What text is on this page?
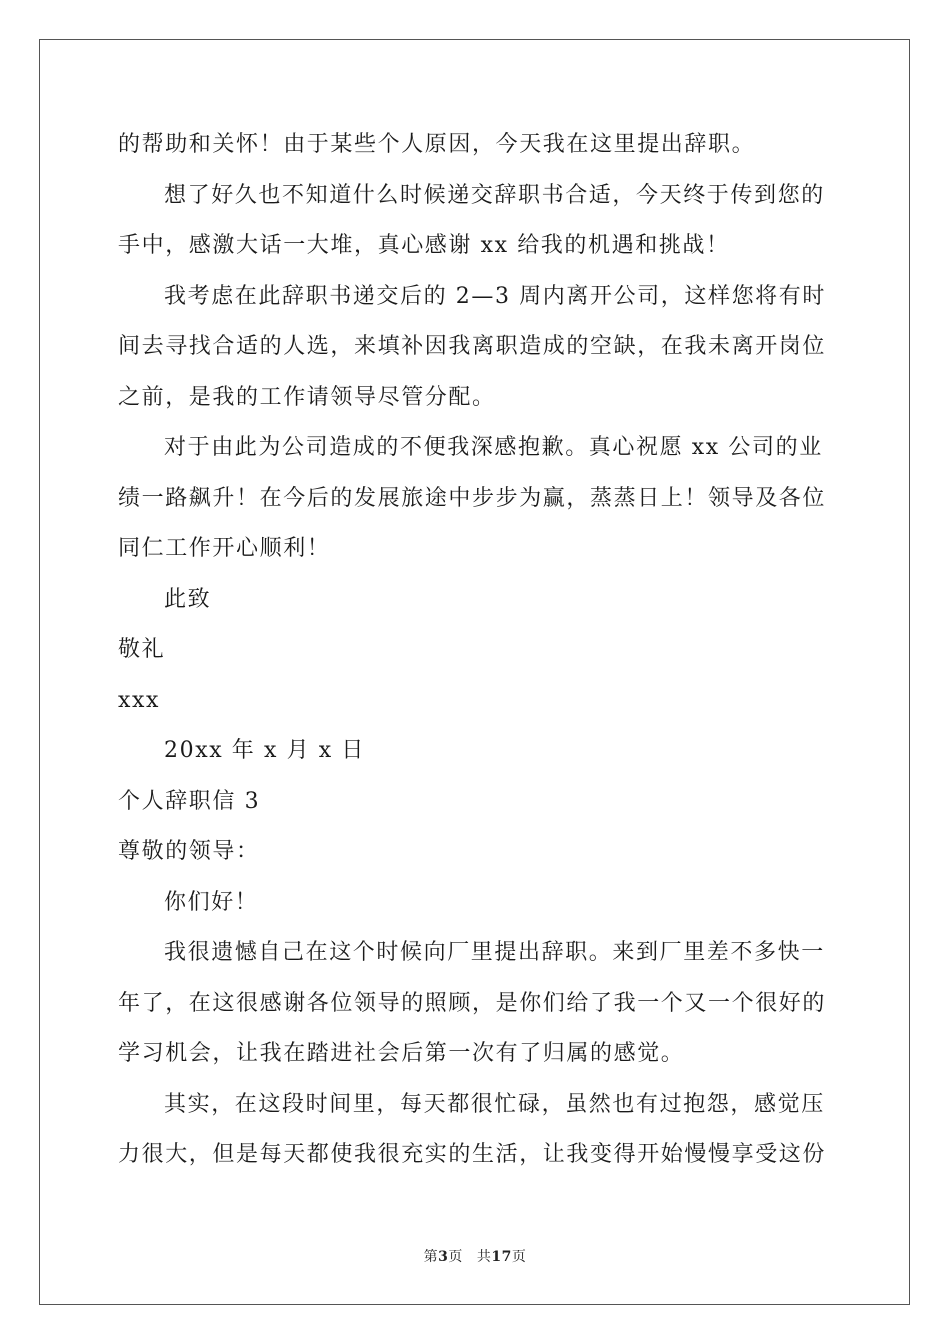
的帮助和关怀！由于某些个人原因，今天我在这里提出辞职。
想了好久也不知道什么时候递交辞职书合适，今天终于传到您的
手中，感激大话一大堆，真心感谢 xx 给我的机遇和挑战！
我考虑在此辞职书递交后的 2—3 周内离开公司，这样您将有时
间去寻找合适的人选，来填补因我离职造成的空缺，在我未离开岗位
之前，是我的工作请领导尽管分配。
对于由此为公司造成的不便我深感抱歉。真心祝愿 xx 公司的业
绩一路飙升！在今后的发展旅途中步步为赢，蒸蒸日上！领导及各位
同仁工作开心顺利！
此致
敬礼
xxx
20xx 年 x 月 x 日
个人辞职信 3
尊敬的领导：
你们好！
我很遗憾自己在这个时候向厂里提出辞职。来到厂里差不多快一
年了，在这很感谢各位领导的照顾，是你们给了我一个又一个很好的
学习机会，让我在踏进社会后第一次有了归属的感觉。
其实，在这段时间里，每天都很忙碌，虽然也有过抱怨，感觉压
力很大，但是每天都使我很充实的生活，让我变得开始慢慢享受这份
第3页 共17页
